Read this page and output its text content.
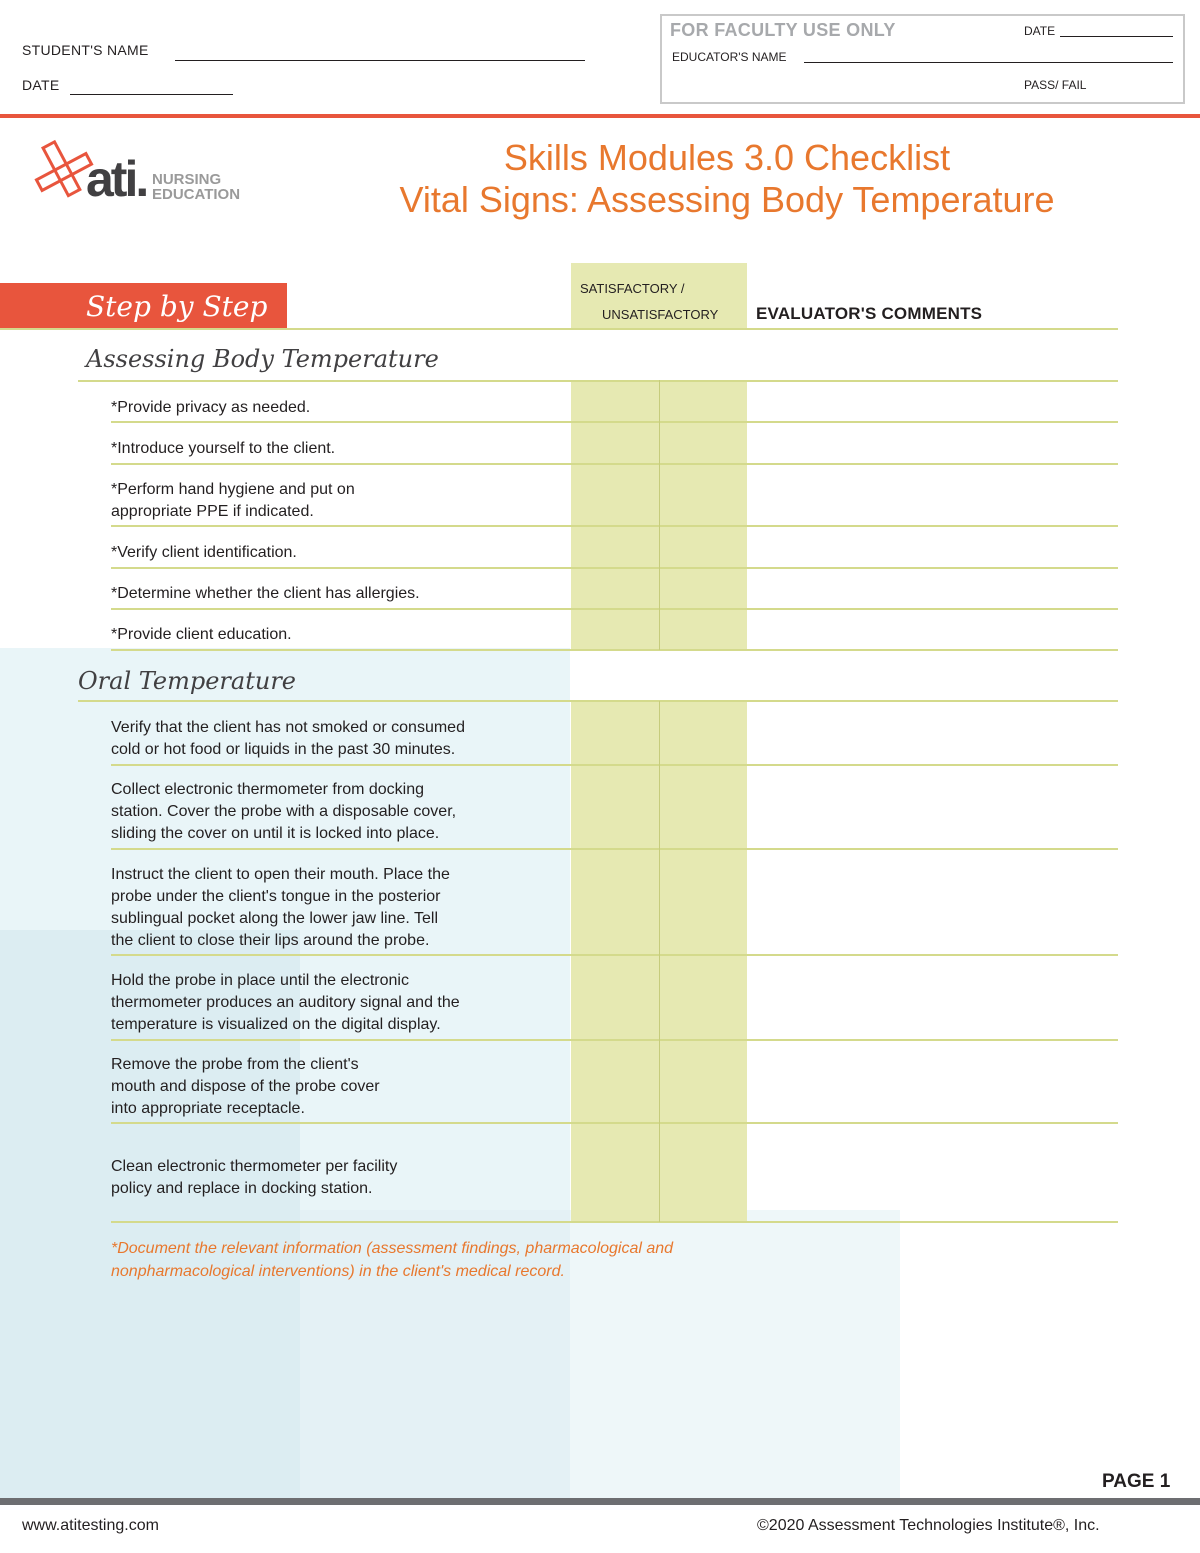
STUDENT'S NAME
DATE
FOR FACULTY USE ONLY	DATE
EDUCATOR'S NAME
PASS/ FAIL
ati. NURSING
EDUCATION
Skills Modules 3.0 Checklist
Vital Signs: Assessing Body Temperature
Step by Step
SATISFACTORY /
UNSATISFACTORY EVALUATOR'S COMMENTS
Assessing Body Temperature
*Provide privacy as needed.
*Introduce yourself to the client.
*Perform hand hygiene and put on
appropriate PPE if indicated.
*Verify client identification.
*Determine whether the client has allergies.
*Provide client education.
Oral Temperature
Verify that the client has not smoked or consumed
cold or hot food or liquids in the past 30 minutes.
Collect electronic thermometer from docking
station. Cover the probe with a disposable cover,
sliding the cover on until it is locked into place.
Instruct the client to open their mouth. Place the
probe under the client's tongue in the posterior
sublingual pocket along the lower jaw line. Tell
the client to close their lips around the probe.
Hold the probe in place until the electronic
thermometer produces an auditory signal and the
temperature is visualized on the digital display.
Remove the probe from the client's
mouth and dispose of the probe cover
into appropriate receptacle.
Clean electronic thermometer per facility
policy and replace in docking station.
*Document the relevant information (assessment findings, pharmacological and
nonpharmacological interventions) in the client's medical record.
PAGE 1
www.atitesting.com	©2020 Assessment Technologies Institute®, Inc.
